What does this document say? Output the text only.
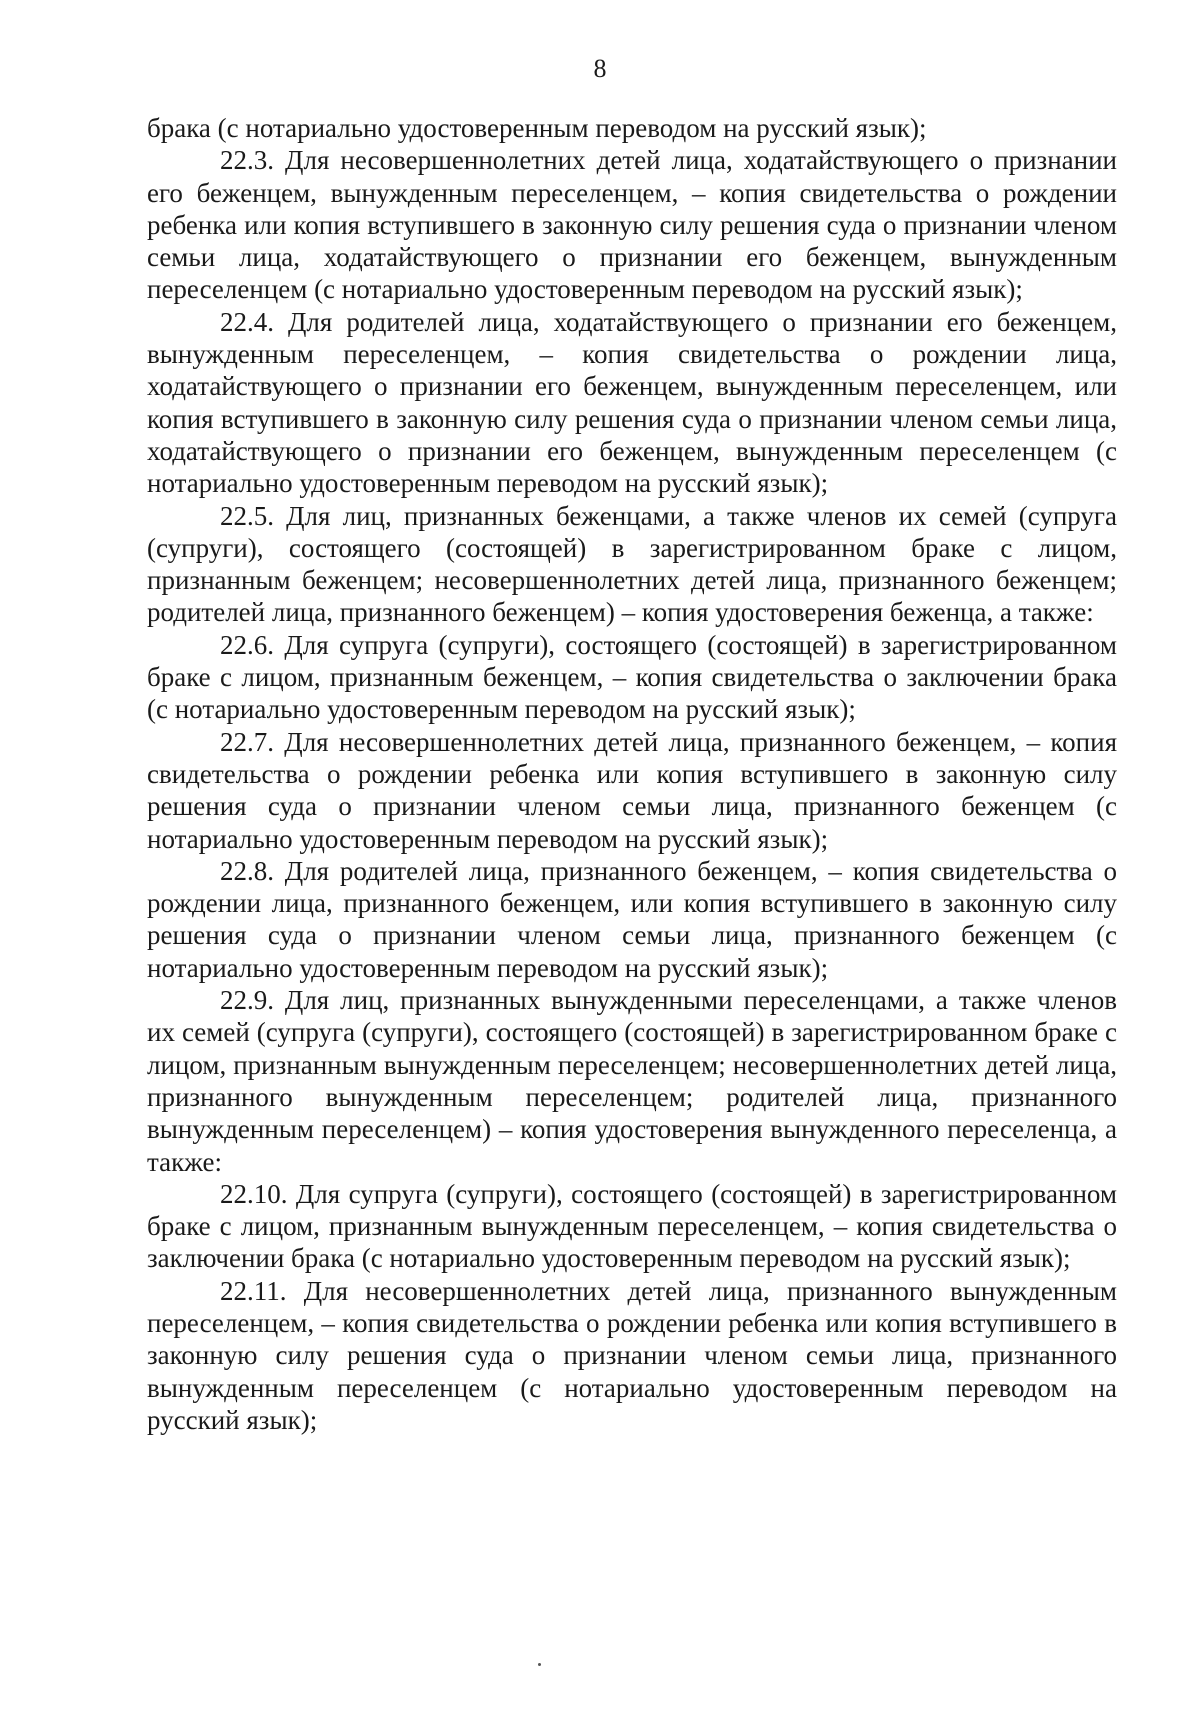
8

брака (с нотариально удостоверенным переводом на русский язык);

22.3. Для несовершеннолетних детей лица, ходатайствующего о признании его беженцем, вынужденным переселенцем, – копия свидетельства о рождении ребенка или копия вступившего в законную силу решения суда о признании членом семьи лица, ходатайствующего о признании его беженцем, вынужденным переселенцем (с нотариально удостоверенным переводом на русский язык);

22.4. Для родителей лица, ходатайствующего о признании его беженцем, вынужденным переселенцем, – копия свидетельства о рождении лица, ходатайствующего о признании его беженцем, вынужденным переселенцем, или копия вступившего в законную силу решения суда о признании членом семьи лица, ходатайствующего о признании его беженцем, вынужденным переселенцем (с нотариально удостоверенным переводом на русский язык);

22.5. Для лиц, признанных беженцами, а также членов их семей (супруга (супруги), состоящего (состоящей) в зарегистрированном браке с лицом, признанным беженцем; несовершеннолетних детей лица, признанного беженцем; родителей лица, признанного беженцем) – копия удостоверения беженца, а также:

22.6. Для супруга (супруги), состоящего (состоящей) в зарегистрированном браке с лицом, признанным беженцем, – копия свидетельства о заключении брака (с нотариально удостоверенным переводом на русский язык);

22.7. Для несовершеннолетних детей лица, признанного беженцем, – копия свидетельства о рождении ребенка или копия вступившего в законную силу решения суда о признании членом семьи лица, признанного беженцем (с нотариально удостоверенным переводом на русский язык);

22.8. Для родителей лица, признанного беженцем, – копия свидетельства о рождении лица, признанного беженцем, или копия вступившего в законную силу решения суда о признании членом семьи лица, признанного беженцем (с нотариально удостоверенным переводом на русский язык);

22.9. Для лиц, признанных вынужденными переселенцами, а также членов их семей (супруга (супруги), состоящего (состоящей) в зарегистрированном браке с лицом, признанным вынужденным переселенцем; несовершеннолетних детей лица, признанного вынужденным переселенцем; родителей лица, признанного вынужденным переселенцем) – копия удостоверения вынужденного переселенца, а также:

22.10. Для супруга (супруги), состоящего (состоящей) в зарегистрированном браке с лицом, признанным вынужденным переселенцем, – копия свидетельства о заключении брака (с нотариально удостоверенным переводом на русский язык);

22.11. Для несовершеннолетних детей лица, признанного вынужденным переселенцем, – копия свидетельства о рождении ребенка или копия вступившего в законную силу решения суда о признании членом семьи лица, признанного вынужденным переселенцем (с нотариально удостоверенным переводом на русский язык);
